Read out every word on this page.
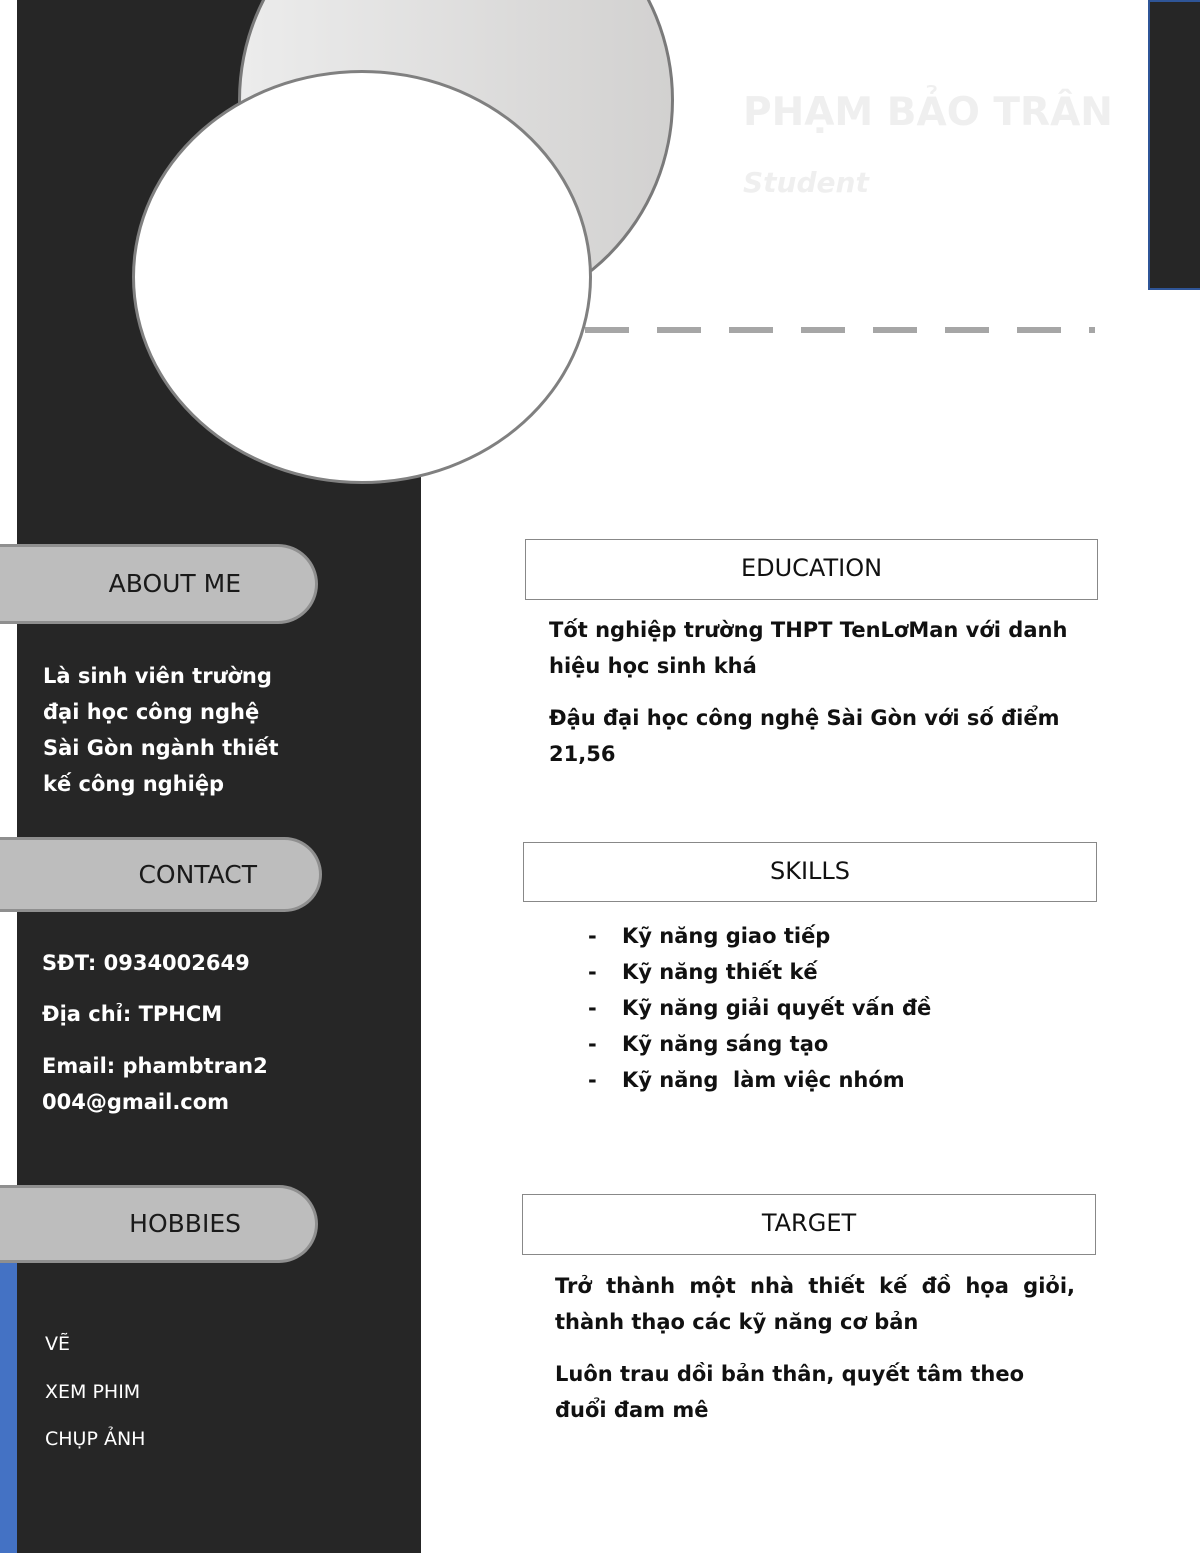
PHẠM BẢO TRÂN
Student
ABOUT ME
Là sinh viên trường đại học công nghệ Sài Gòn ngành thiết kế công nghiệp
CONTACT
SĐT: 0934002649
Địa chỉ: TPHCM
Email: phambtran2004@gmail.com
HOBBIES
VẼ
XEM PHIM
CHỤP ẢNH
EDUCATION
Tốt nghiệp trường THPT TenLơMan với danh hiệu học sinh khá
Đậu đại học công nghệ Sài Gòn với số điểm 21,56
SKILLS
-	Kỹ năng giao tiếp
-	Kỹ năng thiết kế
-	Kỹ năng giải quyết vấn đề
-	Kỹ năng sáng tạo
-	Kỹ năng  làm việc nhóm
TARGET
Trở thành một nhà thiết kế đồ họa giỏi, thành thạo các kỹ năng cơ bản
Luôn trau dồi bản thân, quyết tâm theo đuổi đam mê
